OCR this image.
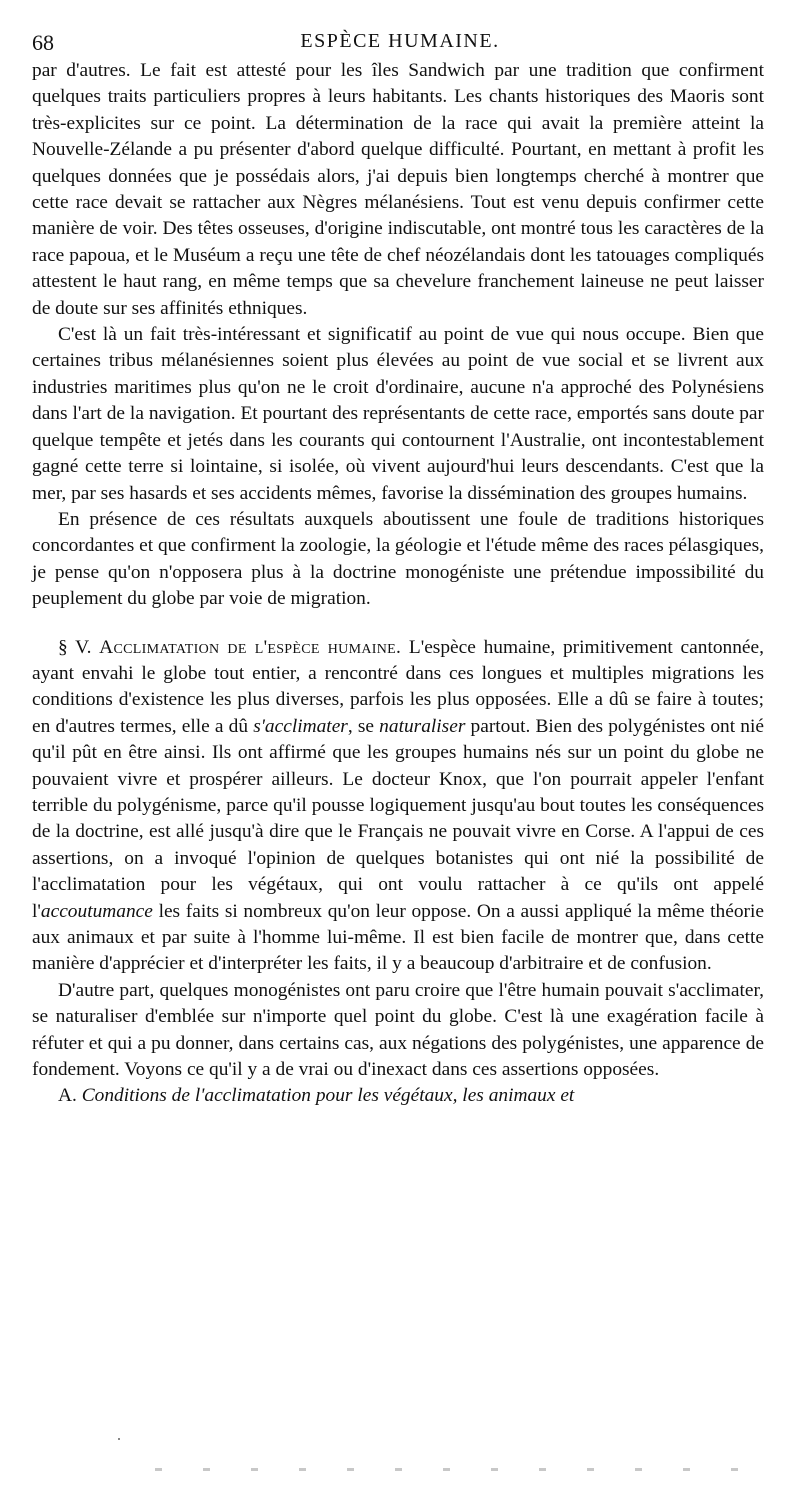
68	ESPÈCE HUMAINE.

par d'autres. Le fait est attesté pour les îles Sandwich par une tradition que confirment quelques traits particuliers propres à leurs habitants. Les chants historiques des Maoris sont très-explicites sur ce point. La détermination de la race qui avait la première atteint la Nouvelle-Zélande a pu présenter d'abord quelque difficulté. Pourtant, en mettant à profit les quelques données que je possédais alors, j'ai depuis bien longtemps cherché à montrer que cette race devait se rattacher aux Nègres mélanésiens. Tout est venu depuis confirmer cette manière de voir. Des têtes osseuses, d'origine indiscutable, ont montré tous les caractères de la race papoua, et le Muséum a reçu une tête de chef néozélandais dont les tatouages compliqués attestent le haut rang, en même temps que sa chevelure franchement laineuse ne peut laisser de doute sur ses affinités ethniques.

C'est là un fait très-intéressant et significatif au point de vue qui nous occupe. Bien que certaines tribus mélanésiennes soient plus élevées au point de vue social et se livrent aux industries maritimes plus qu'on ne le croit d'ordinaire, aucune n'a approché des Polynésiens dans l'art de la navigation. Et pourtant des représentants de cette race, emportés sans doute par quelque tempête et jetés dans les courants qui contournent l'Australie, ont incontestablement gagné cette terre si lointaine, si isolée, où vivent aujourd'hui leurs descendants. C'est que la mer, par ses hasards et ses accidents mêmes, favorise la dissémination des groupes humains.

En présence de ces résultats auxquels aboutissent une foule de traditions historiques concordantes et que confirment la zoologie, la géologie et l'étude même des races pélasgiques, je pense qu'on n'opposera plus à la doctrine monogéniste une prétendue impossibilité du peuplement du globe par voie de migration.

§ V. Acclimatation de l'espèce humaine. L'espèce humaine, primitivement cantonnée, ayant envahi le globe tout entier, a rencontré dans ces longues et multiples migrations les conditions d'existence les plus diverses, parfois les plus opposées. Elle a dû se faire à toutes; en d'autres termes, elle a dû s'acclimater, se naturaliser partout. Bien des polygénistes ont nié qu'il pût en être ainsi. Ils ont affirmé que les groupes humains nés sur un point du globe ne pouvaient vivre et prospérer ailleurs. Le docteur Knox, que l'on pourrait appeler l'enfant terrible du polygénisme, parce qu'il pousse logiquement jusqu'au bout toutes les conséquences de la doctrine, est allé jusqu'à dire que le Français ne pouvait vivre en Corse. A l'appui de ces assertions, on a invoqué l'opinion de quelques botanistes qui ont nié la possibilité de l'acclimatation pour les végétaux, qui ont voulu rattacher à ce qu'ils ont appelé l'accoutumance les faits si nombreux qu'on leur oppose. On a aussi appliqué la même théorie aux animaux et par suite à l'homme lui-même. Il est bien facile de montrer que, dans cette manière d'apprécier et d'interpréter les faits, il y a beaucoup d'arbitraire et de confusion.

D'autre part, quelques monogénistes ont paru croire que l'être humain pouvait s'acclimater, se naturaliser d'emblée sur n'importe quel point du globe. C'est là une exagération facile à réfuter et qui a pu donner, dans certains cas, aux négations des polygénistes, une apparence de fondement. Voyons ce qu'il y a de vrai ou d'inexact dans ces assertions opposées.

A. Conditions de l'acclimatation pour les végétaux, les animaux et
